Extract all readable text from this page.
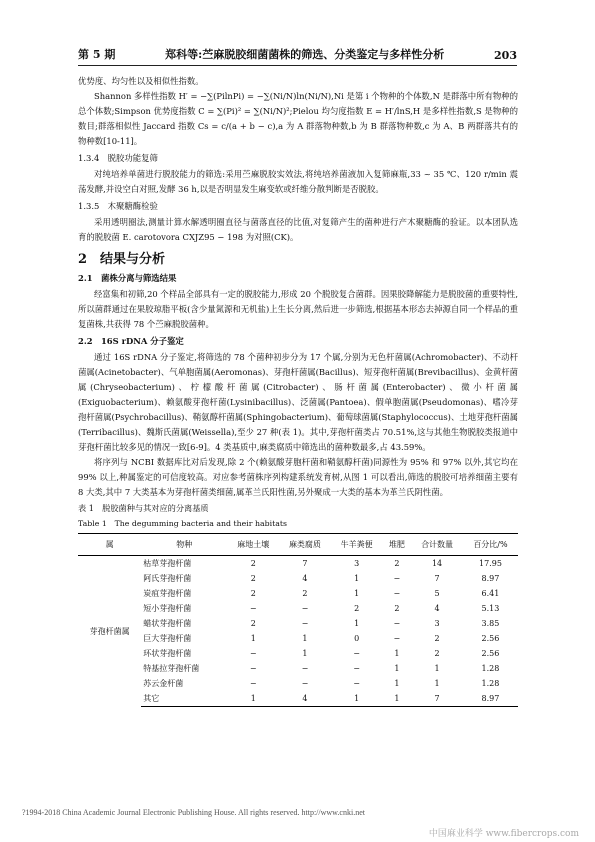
第 5 期	郑科等:苎麻脱胶细菌菌株的筛选、分类鉴定与多样性分析	203

优势度、均匀性以及相似性指数。

Shannon 多样性指数 H′ = −∑(PilnPi) = −∑(Ni/N)ln(Ni/N),Ni 是第 i 个物种的个体数,N 是群落中所有物种的总个体数;Simpson 优势度指数 C = ∑(Pi)² = ∑(Ni/N)²;Pielou 均匀度指数 E = H′/lnS,H 是多样性指数,S 是物种的数目;群落相似性 Jaccard 指数 Cs = c/(a + b − c),a 为 A 群落物种数,b 为 B 群落物种数,c 为 A、B 两群落共有的物种数[10-11]。

1.3.4　脱胶功能复筛

对纯培养单菌进行脱胶能力的筛选:采用苎麻脱胶实效法,将纯培养菌液加入复筛麻瓶,33 ~ 35 ℃、120 r/min 震荡发酵,并设空白对照,发酵 36 h,以是否明显发生麻变软或纤维分散判断是否脱胶。

1.3.5　木聚糖酶检验

采用透明圈法,测量计算水解透明圈直径与菌落直径的比值,对复筛产生的菌种进行产木聚糖酶的验证。以本团队选育的脱胶菌 E. carotovora CXJZ95 − 198 为对照(CK)。

2　结果与分析
2.1　菌株分离与筛选结果

经富集和初筛,20 个样品全部具有一定的脱胶能力,形成 20 个脱胶复合菌群。因果胶降解能力是脱胶菌的重要特性,所以菌群通过在果胶琼脂平板(含少量氮源和无机盐)上生长分离,然后进一步筛选,根据基本形态去掉源自同一个样品的重复菌株,共获得 78 个苎麻脱胶菌种。

2.2　16S rDNA 分子鉴定

通过 16S rDNA 分子鉴定,将筛选的 78 个菌种初步分为 17 个属,分别为无色杆菌属(Achromobacter)、不动杆菌属(Acinetobacter)、气单胞菌属(Aeromonas)、芽孢杆菌属(Bacillus)、短芽孢杆菌属(Brevibacillus)、金黄杆菌属(Chryseobacterium)、柠檬酸杆菌属(Citrobacter)、肠杆菌属(Enterobacter)、微小杆菌属(Exiguobacterium)、赖氨酸芽孢杆菌(Lysinibacillus)、泛菌属(Pantoea)、假单胞菌属(Pseudomonas)、嗜冷芽孢杆菌属(Psychrobacillus)、鞘氨醇杆菌属(Sphingobacterium)、葡萄球菌属(Staphylococcus)、土地芽孢杆菌属(Terribacillus)、魏斯氏菌属(Weissella),至少 27 种(表 1)。其中,芽孢杆菌类占 70.51%,这与其他生物脱胶类报道中芽孢杆菌比较多见的情况一致[6-9]。4 类基质中,麻类腐质中筛选出的菌种数最多,占 43.59%。

将序列与 NCBI 数据库比对后发现,除 2 个(赖氨酸芽胞杆菌和鞘氨醇杆菌)同源性为 95% 和 97% 以外,其它均在 99% 以上,种属鉴定的可信度较高。对应参考菌株序列构建系统发育树,从图 1 可以看出,筛选的脱胶可培养细菌主要有 8 大类,其中 7 大类基本为芽孢杆菌类细菌,属革兰氏阳性菌,另外聚成一大类的基本为革兰氏阴性菌。

表 1　脱胶菌种与其对应的分离基质
Table 1　The degumming bacteria and their habitats
属	物种	麻地土壤	麻类腐质	牛羊粪便	堆肥	合计数量	百分比/%
芽孢杆菌属	枯草芽孢杆菌	2	7	3	2	14	17.95
	阿氏芽孢杆菌	2	4	1	−	7	8.97
	炭疽芽孢杆菌	2	2	1	−	5	6.41
	短小芽孢杆菌	−	−	2	2	4	5.13
	蜡状芽孢杆菌	2	−	1	−	3	3.85
	巨大芽孢杆菌	1	1	0	−	2	2.56
	环状芽孢杆菌	−	1	−	1	2	2.56
	特基拉芽孢杆菌	−	−	−	1	1	1.28
	苏云金杆菌	−	−	−	1	1	1.28
	其它	1	4	1	1	7	8.97
?1994-2018 China Academic Journal Electronic Publishing House. All rights reserved. http://www.cnki.net
中国麻业科学 www.fibercrops.com
